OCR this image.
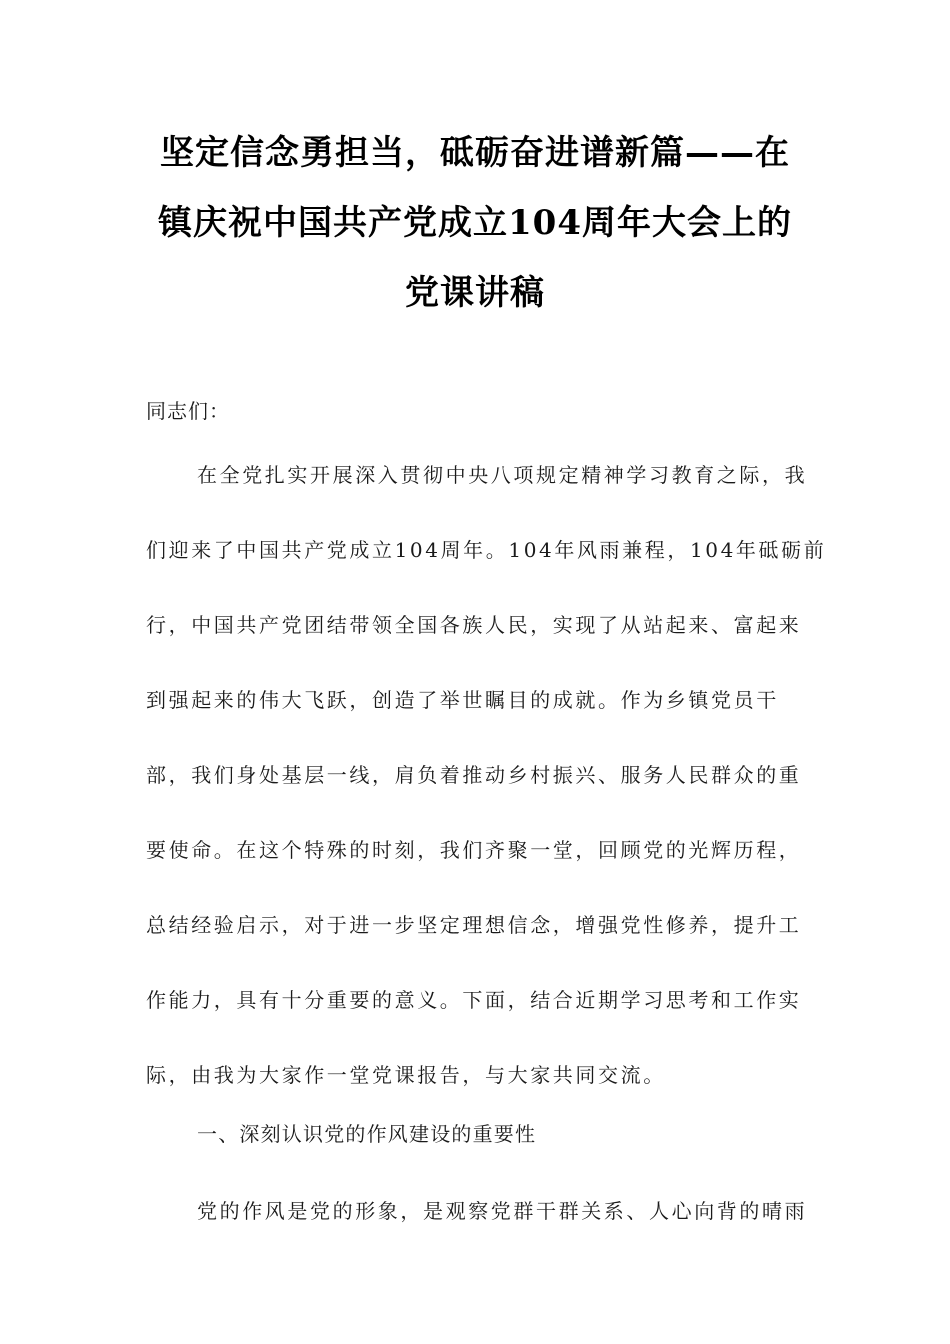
坚定信念勇担当，砥砺奋进谱新篇——在
镇庆祝中国共产党成立104周年大会上的
党课讲稿
同志们：
在全党扎实开展深入贯彻中央八项规定精神学习教育之际，我
们迎来了中国共产党成立104周年。104年风雨兼程，104年砥砺前
行，中国共产党团结带领全国各族人民，实现了从站起来、富起来
到强起来的伟大飞跃，创造了举世瞩目的成就。作为乡镇党员干
部，我们身处基层一线，肩负着推动乡村振兴、服务人民群众的重
要使命。在这个特殊的时刻，我们齐聚一堂，回顾党的光辉历程，
总结经验启示，对于进一步坚定理想信念，增强党性修养，提升工
作能力，具有十分重要的意义。下面，结合近期学习思考和工作实
际，由我为大家作一堂党课报告，与大家共同交流。
一、深刻认识党的作风建设的重要性
党的作风是党的形象，是观察党群干群关系、人心向背的晴雨
